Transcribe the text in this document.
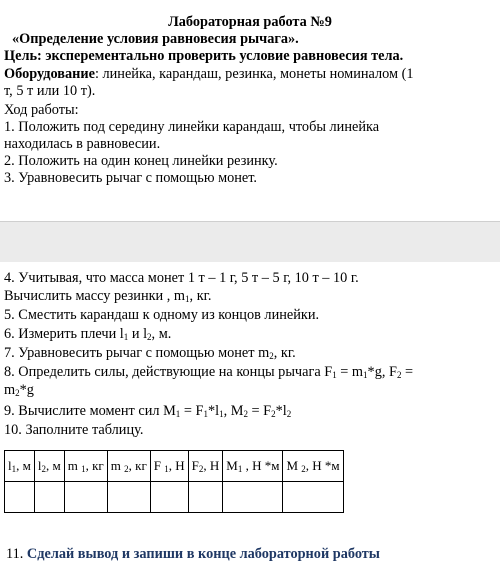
Лабораторная работа №9
«Определение условия равновесия рычага».
Цель: эксперементально проверить условие равновесия тела.
Оборудование: линейка, карандаш, резинка, монеты номиналом (1
т, 5 т или 10 т).
Ход работы:
1. Положить под середину линейки карандаш, чтобы линейка
находилась в равновесии.
2. Положить на один конец линейки резинку.
3. Уравновесить рычаг с помощью монет.
4. Учитывая, что масса монет 1 т – 1 г, 5 т – 5 г, 10 т – 10 г.
Вычислить массу резинки , $m_1$, кг.
5. Сместить карандаш к одному из концов линейки.
6. Измерить плечи $l_1$ и $l_2$, м.
7. Уравновесить рычаг с помощью монет $m_2$, кг.
8. Определить силы, действующие на концы рычага $F_1 = m_1*g$, $F_2$ =
$m_2*g$
9. Вычислите момент сил $M_1 = F_1*l_1$, $M_2 = F_2*l_2$
10. Заполните таблицу.
$l_1$, м	$l_2$, м	m $_1$, кг	m $_2$, кг	F $_1$, Н	$F_2$, Н	$M_1$ , Н *м	M $_2$, Н *м

11. Сделай вывод и запиши в конце лабораторной работы
